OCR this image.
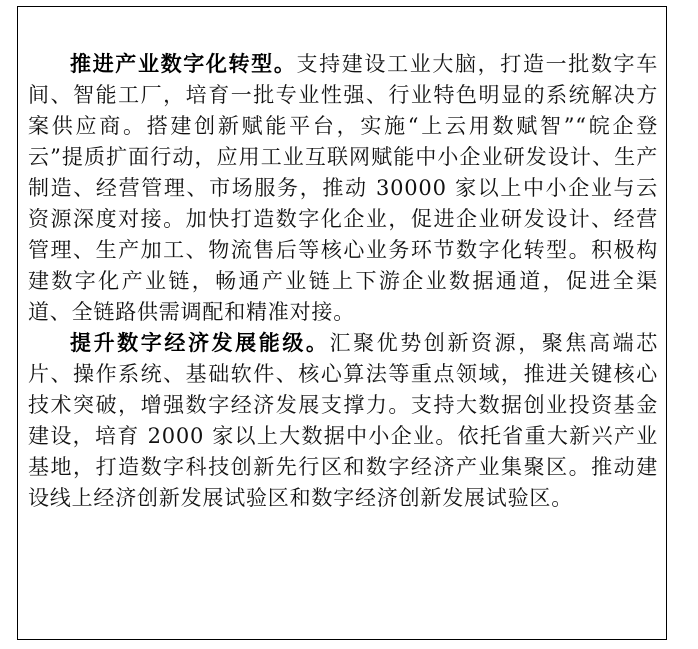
推进产业数字化转型。支持建设工业大脑，打造一批数字车间、智能工厂，培育一批专业性强、行业特色明显的系统解决方案供应商。搭建创新赋能平台，实施“上云用数赋智”“皖企登云”提质扩面行动，应用工业互联网赋能中小企业研发设计、生产制造、经营管理、市场服务，推动 30000 家以上中小企业与云资源深度对接。加快打造数字化企业，促进企业研发设计、经营管理、生产加工、物流售后等核心业务环节数字化转型。积极构建数字化产业链，畅通产业链上下游企业数据通道，促进全渠道、全链路供需调配和精准对接。

提升数字经济发展能级。汇聚优势创新资源，聚焦高端芯片、操作系统、基础软件、核心算法等重点领域，推进关键核心技术突破，增强数字经济发展支撑力。支持大数据创业投资基金建设，培育 2000 家以上大数据中小企业。依托省重大新兴产业基地，打造数字科技创新先行区和数字经济产业集聚区。推动建设线上经济创新发展试验区和数字经济创新发展试验区。
